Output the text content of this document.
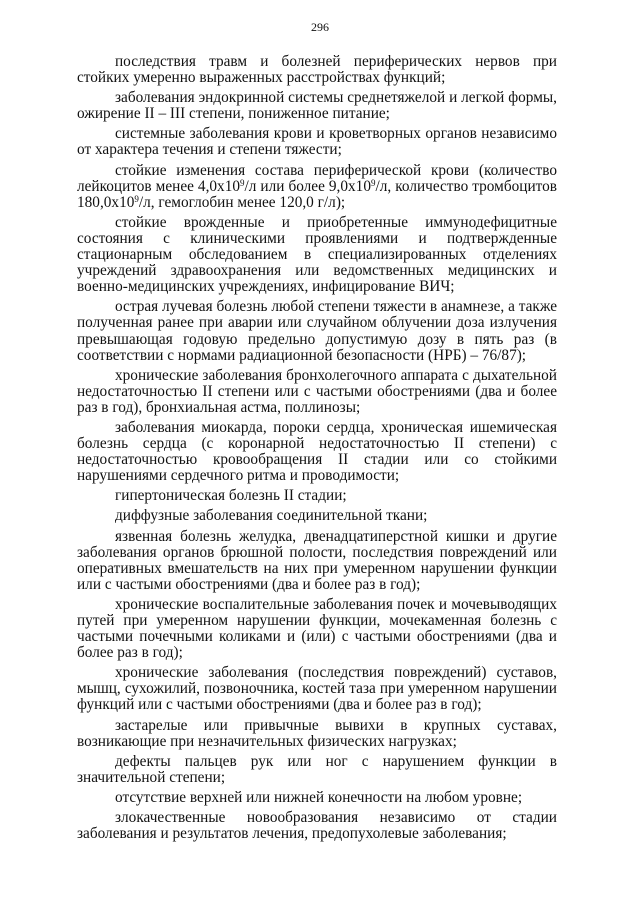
296

последствия травм и болезней периферических нервов при стойких умеренно выраженных расстройствах функций;

заболевания эндокринной системы среднетяжелой и легкой формы, ожирение II – III степени, пониженное питание;

системные заболевания крови и кроветворных органов независимо от характера течения и степени тяжести;

стойкие изменения состава периферической крови (количество лейкоцитов менее $4,0х10^9/л$ или более $9,0х10^9/л$, количество тромбоцитов $180,0х10^9/л$, гемоглобин менее 120,0 г/л);

стойкие врожденные и приобретенные иммунодефицитные состояния с клиническими проявлениями и подтвержденные стационарным обследованием в специализированных отделениях учреждений здравоохранения или ведомственных медицинских и военно-медицинских учреждениях, инфицирование ВИЧ;

острая лучевая болезнь любой степени тяжести в анамнезе, а также полученная ранее при аварии или случайном облучении доза излучения превышающая годовую предельно допустимую дозу в пять раз (в соответствии с нормами радиационной безопасности (НРБ) – 76/87);

хронические заболевания бронхолегочного аппарата с дыхательной недостаточностью II степени или с частыми обострениями (два и более раз в год), бронхиальная астма, поллинозы;

заболевания миокарда, пороки сердца, хроническая ишемическая болезнь сердца (с коронарной недостаточностью II степени) с недостаточностью кровообращения II стадии или со стойкими нарушениями сердечного ритма и проводимости;

гипертоническая болезнь II стадии;

диффузные заболевания соединительной ткани;

язвенная болезнь желудка, двенадцатиперстной кишки и другие заболевания органов брюшной полости, последствия повреждений или оперативных вмешательств на них при умеренном нарушении функции или с частыми обострениями (два и более раз в год);

хронические воспалительные заболевания почек и мочевыводящих путей при умеренном нарушении функции, мочекаменная болезнь с частыми почечными коликами и (или) с частыми обострениями (два и более раз в год);

хронические заболевания (последствия повреждений) суставов, мышц, сухожилий, позвоночника, костей таза при умеренном нарушении функций или с частыми обострениями (два и более раз в год);

застарелые или привычные вывихи в крупных суставах, возникающие при незначительных физических нагрузках;

дефекты пальцев рук или ног с нарушением функции в значительной степени;

отсутствие верхней или нижней конечности на любом уровне;

злокачественные новообразования независимо от стадии заболевания и результатов лечения, предопухолевые заболевания;
